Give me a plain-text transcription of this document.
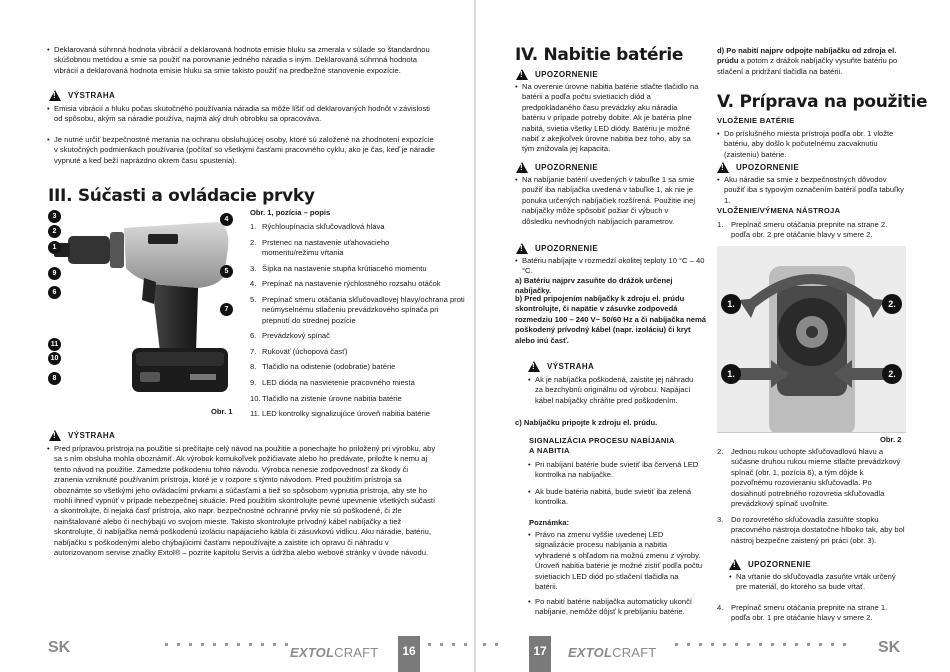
• Deklarovaná súhrnná hodnota vibrácií a deklarovaná hodnota emisie hluku sa zmerala v súlade so štandardnou skúšobnou metódou a smie sa použiť na porovnanie jedného náradia s iným. Deklarovaná súhrnná hodnota vibrácií a deklarovaná hodnota emisie hluku sa smie takisto použiť na predbežné stanovenie expozície.
!
VÝSTRAHA
• Emisia vibrácií a hluku počas skutočného používania náradia sa môže líšiť od deklarovaných hodnôt v závislosti od spôsobu, akým sa náradie používa, najmä aký druh obrobku sa opracováva.
• Je nutné určiť bezpečnostné merania na ochranu obsluhujúcej osoby, ktoré sú založené na zhodnotení expozície v skutočných podmienkach používania (počítať so všetkými časťami pracovného cyklu, ako je čas, keď je náradie vypnuté a keď beží naprázdno okrem času spustenia).
III. Súčasti a ovládacie prvky
3
2
1
9
6
11
10
8
4
5
7
Obr. 1
Obr. 1, pozícia – popis
1. Rýchloupínacia skľučovadlová hlava
2. Prstenec na nastavenie uťahovacieho momentu/režimu vŕtania
3. Šípka na nastavenie stupňa krútiaceho momentu
4. Prepínač na nastavenie rýchlostného rozsahu otáčok
5. Prepínač smeru otáčania skľučovadlovej hlavy/ochrana proti neúmyselnému stlačeniu prevádzkového spínača pri prepnutí do strednej pozície
6. Prevádzkový spínač
7. Rukoväť (úchopová časť)
8. Tlačidlo na odistenie (odobratie) batérie
9. LED dióda na nasvietenie pracovného miesta
10. Tlačidlo na zistenie úrovne nabitia batérie
11. LED kontrolky signalizujúce úroveň nabitia batérie
!
VÝSTRAHA
• Pred prípravou prístroja na použitie si prečítajte celý návod na použitie a ponechajte ho priložený pri výrobku, aby sa s ním obsluha mohla oboznámiť. Ak výrobok komukoľvek požičiavate alebo ho predávate, priložte k nemu aj tento návod na použitie. Zamedzte poškodeniu tohto návodu. Výrobca nenesie zodpovednosť za škody či zranenia vzniknuté používaním prístroja, ktoré je v rozpore s týmto návodom. Pred použitím prístroja sa oboznámte so všetkými jeho ovládacími prvkami a súčasťami a tiež so spôsobom vypnutia prístroja, aby ste ho mohli ihneď vypnúť v prípade nebezpečnej situácie. Pred použitím skontrolujte pevné upevnenie všetkých súčastí a skontrolujte, či nejaká časť prístroja, ako napr. bezpečnostné ochranné prvky nie sú poškodené, či zle nainštalované alebo či nechýbajú vo svojom mieste. Takisto skontrolujte prívodný kábel nabíjačky a tiež skontrolujte, či nabíjačka nemá poškodenú izoláciu napájacieho kábla či zásuvkovú vidlicu. Aku náradie, batériu, nabíjačku s poškodenými alebo chýbajúcimi časťami nepoužívajte a zaistite ich opravu či náhradu v autorizovanom servise značky Extol® – pozrite kapitolu Servis a údržba alebo webové stránky v úvode návodu.
SK	EXTOLCRAFT	16
IV. Nabitie batérie
!
UPOZORNENIE
• Na overenie úrovne nabitia batérie stlačte tlačidlo na batérii a podľa počtu svietiacich diód a predpokladaného času prevádzky aku náradia batériu v prípade potreby dobite. Ak je batéria plne nabitá, svietia všetky LED diódy. Batériu je možné nabiť z akejkoľvek úrovne nabitia bez toho, aby sa tým znižovala jej kapacita.
!
UPOZORNENIE
• Na nabíjanie batérií uvedených v tabuľke 1 sa smie použiť iba nabíjačka uvedená v tabuľke 1, ak nie je ponuka určených nabíjačiek rozšírená. Použitie inej nabíjačky môže spôsobiť požiar či výbuch v dôsledku nevhodných nabíjacích parametrov.
!
UPOZORNENIE
• Batériu nabíjajte v rozmedzí okolitej teploty 10 °C – 40 °C.
a) Batériu najprv zasuňte do drážok určenej nabíjačky.
b) Pred pripojením nabíjačky k zdroju el. prúdu skontrolujte, či napätie v zásuvke zodpovedá rozmedziu 100 – 240 V~ 50/60 Hz a či nabíjačka nemá poškodený prívodný kábel (napr. izoláciu) či kryt alebo inú časť.
!
VÝSTRAHA
• Ak je nabíjačka poškodená, zaistite jej náhradu za bezchybnú originálnu od výrobcu. Napájací kábel nabíjačky chráňte pred poškodením.
c) Nabíjačku pripojte k zdroju el. prúdu.
SIGNALIZÁCIA PROCESU NABÍJANIA A NABITIA
• Pri nabíjaní batérie bude svietiť iba červená LED kontrolka na nabíjačke.
• Ak bude batéria nabitá, bude svietiť iba zelená kontrolka.
Poznámka:
• Právo na zmenu vyššie uvedenej LED signalizácie procesu nabíjania a nabitia vyhradené s ohľadom na možnú zmenu z výroby. Úroveň nabitia batérie je možné zistiť podľa počtu svietiacich LED diód po stlačení tlačidla na batérii.
• Po nabití batérie nabíjačka automaticky ukončí nabíjanie, nemôže dôjsť k prebíjaniu batérie.
d) Po nabití najprv odpojte nabíjačku od zdroja el. prúdu a potom z drážok nabíjačky vysuňte batériu po stlačení a pridržaní tlačidla na batérii.
V. Príprava na použitie
VLOŽENIE BATÉRIE
• Do príslušného miesta prístroja podľa obr. 1 vložte batériu, aby došlo k počutelnému zacvaknutiu (zaisteniu) batérie.
!
UPOZORNENIE
• Aku náradie sa smie z bezpečnostných dôvodov použiť iba s typovým označením batérií podľa tabuľky 1.
VLOŽENIE/VÝMENA NÁSTROJA
1.	Prepínač smeru otáčania prepnite na strane 2. podľa obr. 2 pre otáčanie hlavy v smere 2.
1.	2.
1.	2.
Obr. 2
2.	Jednou rukou uchopte skľučovadlovú hlavu a súčasne druhou rukou mierne stlačte prevádzkový spínač (obr. 1, pozícia 6), a tým dôjde k pozvoľnému rozovieraniu skľučovadla. Po dosiahnutí potrebného rozovretia skľučovadla prevádzkový spínač uvoľnite.
3.	Do rozovretého skľučovadla zasuňte stopku pracovného nástroja dostatočne hlboko tak, aby bol nástroj bezpečne zaistený pri práci (obr. 3).
!
UPOZORNENIE
• Na vŕtanie do skľučovadla zasuňte vrták určený pre materiál, do ktorého sa bude vŕtať.
4.	Prepínač smeru otáčania prepnite na strane 1. podľa obr. 1 pre otáčanie hlavy v smere 2.
17	EXTOLCRAFT	SK
